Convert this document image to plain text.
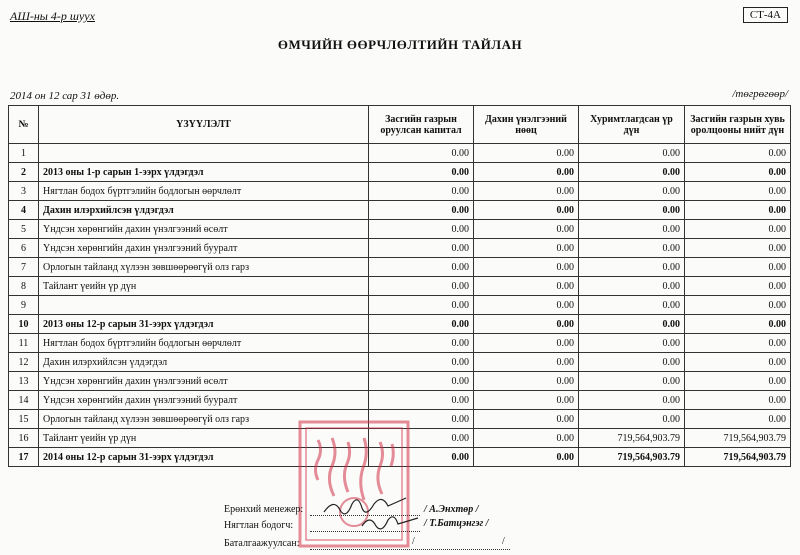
АШ-ны 4-р шууx	СТ-4А
ӨМЧИЙН ӨӨРЧЛӨЛТИЙН ТАЙЛАН
2014 он 12 сар 31 өдөр.	/төгрөгөөр/
№	ҮЗҮҮЛЭЛТ	Засгийн газрын оруулсан капитал	Дахин үнэлгээний нөөц	Хуримтлагдсан үр дүн	Засгийн газрын хувь оролцооны нийт дүн
1		0.00	0.00	0.00	0.00
2	2013 оны 1-р сарын 1-ээрх үлдэгдэл	0.00	0.00	0.00	0.00
3	Нягтлан бодох бүртгэлийн бодлогын өөрчлөлт	0.00	0.00	0.00	0.00
4	Дахин илэрхийлсэн үлдэгдэл	0.00	0.00	0.00	0.00
5	Үндсэн хөрөнгийн дахин үнэлгээний өсөлт	0.00	0.00	0.00	0.00
6	Үндсэн хөрөнгийн дахин үнэлгээний бууралт	0.00	0.00	0.00	0.00
7	Орлогын тайланд хүлээн зөвшөөрөөгүй олз гарз	0.00	0.00	0.00	0.00
8	Тайлант үеийн үр дүн	0.00	0.00	0.00	0.00
9		0.00	0.00	0.00	0.00
10	2013 оны 12-р сарын 31-ээрх үлдэгдэл	0.00	0.00	0.00	0.00
11	Нягтлан бодох бүртгэлийн бодлогын өөрчлөлт	0.00	0.00	0.00	0.00
12	Дахин илэрхийлсэн үлдэгдэл	0.00	0.00	0.00	0.00
13	Үндсэн хөрөнгийн дахин үнэлгээний өсөлт	0.00	0.00	0.00	0.00
14	Үндсэн хөрөнгийн дахин үнэлгээний бууралт	0.00	0.00	0.00	0.00
15	Орлогын тайланд хүлээн зөвшөөрөөгүй олз гарз	0.00	0.00	0.00	0.00
16	Тайлант үеийн үр дүн	0.00	0.00	719,564,903.79	719,564,903.79
17	2014 оны 12-р сарын 31-ээрх үлдэгдэл	0.00	0.00	719,564,903.79	719,564,903.79
Ерөнхий менежер:	/ А.Энхтөр /
Нягтлан бодогч:	/ Т.Батцэнгэг /
Баталгаажуулсан:	/	/
